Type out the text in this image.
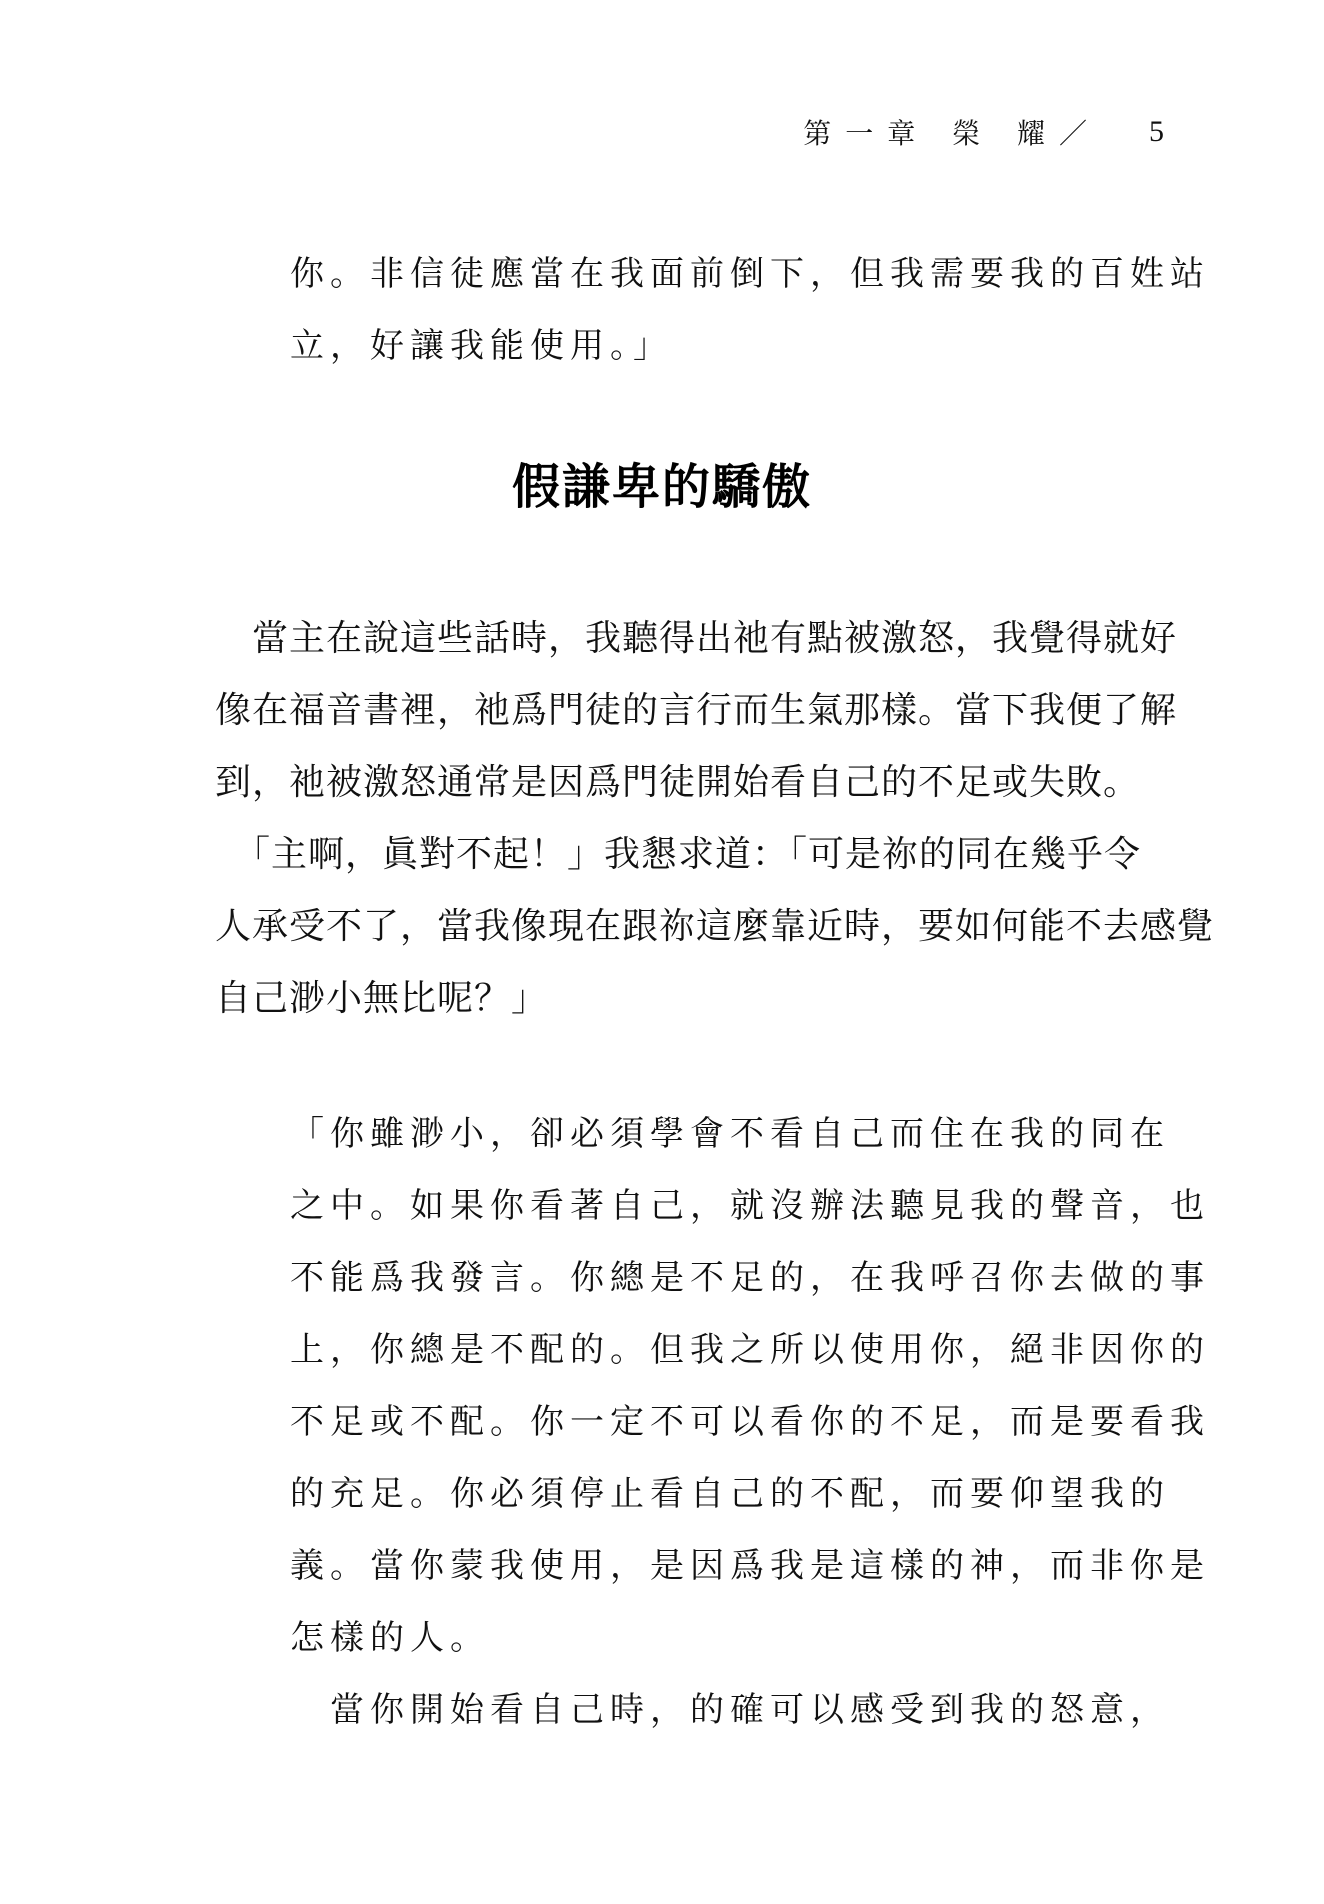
第一章 榮 耀／ 5
你。非信徒應當在我面前倒下，但我需要我的百姓站
立，好讓我能使用。」
假謙卑的驕傲
　當主在說這些話時，我聽得出祂有點被激怒，我覺得就好
像在福音書裡，祂爲門徒的言行而生氣那樣。當下我便了解
到，祂被激怒通常是因爲門徒開始看自己的不足或失敗。
　「主啊，眞對不起！」我懇求道：「可是祢的同在幾乎令
人承受不了，當我像現在跟祢這麼靠近時，要如何能不去感覺
自己渺小無比呢？」
「你雖渺小，卻必須學會不看自己而住在我的同在
之中。如果你看著自己，就沒辦法聽見我的聲音，也
不能爲我發言。你總是不足的，在我呼召你去做的事
上，你總是不配的。但我之所以使用你，絕非因你的
不足或不配。你一定不可以看你的不足，而是要看我
的充足。你必須停止看自己的不配，而要仰望我的
義。當你蒙我使用，是因爲我是這樣的神，而非你是
怎樣的人。
　當你開始看自己時，的確可以感受到我的怒意，
